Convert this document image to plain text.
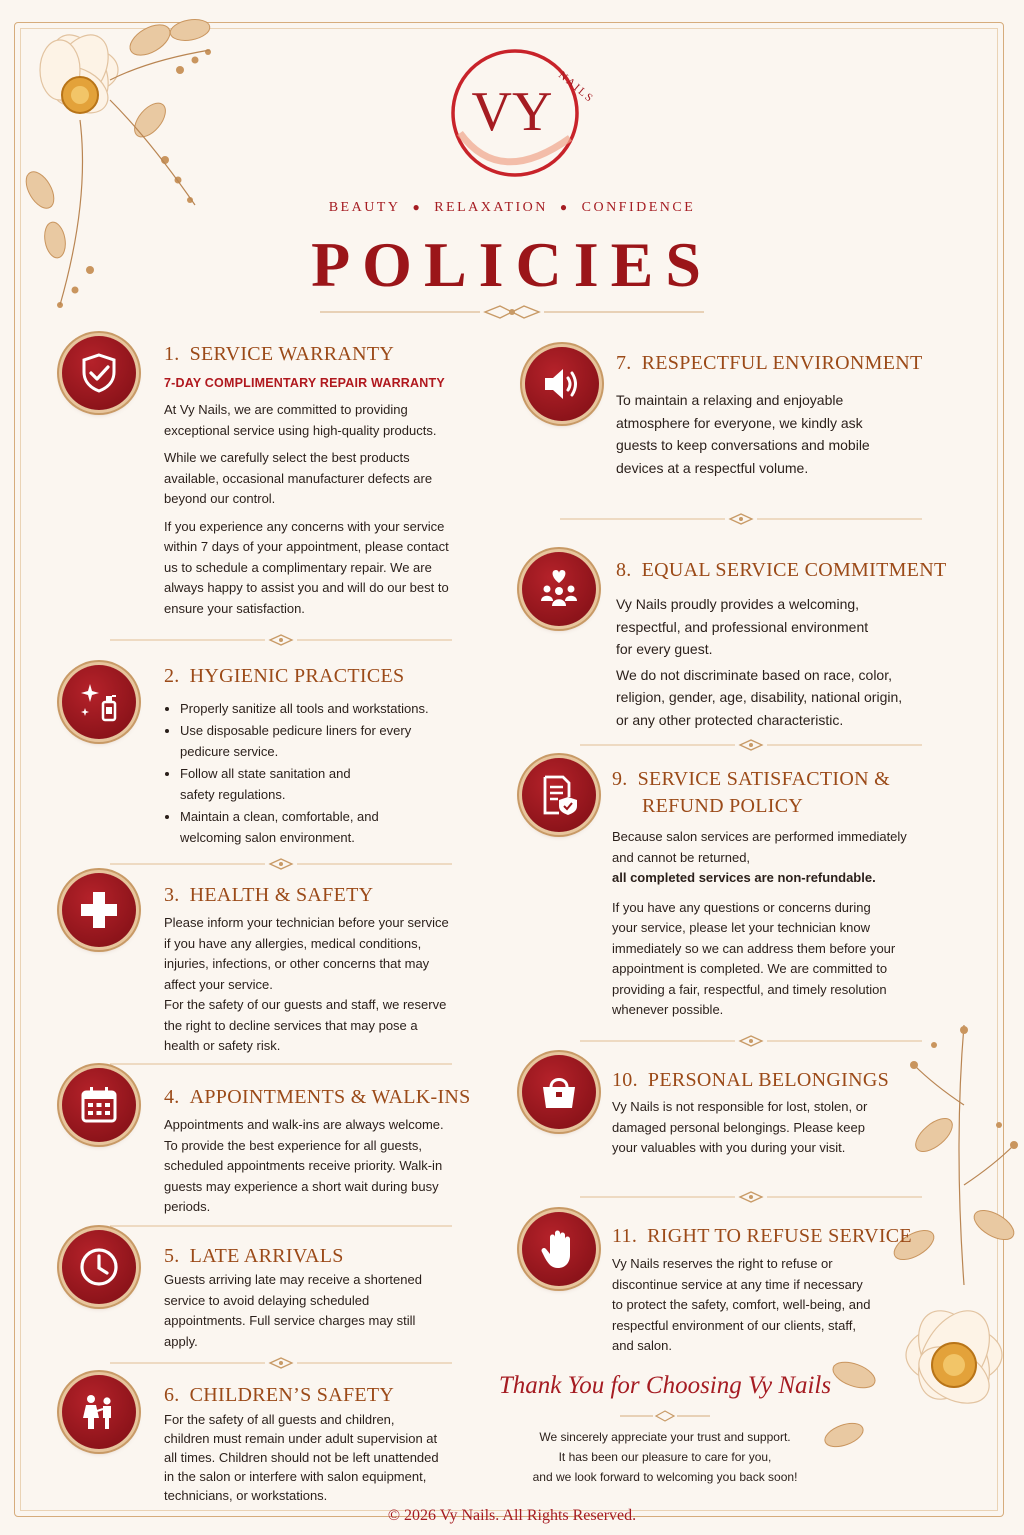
VY NAILS
BEAUTY ● RELAXATION ● CONFIDENCE
POLICIES
1. SERVICE WARRANTY
7-DAY COMPLIMENTARY REPAIR WARRANTY

At Vy Nails, we are committed to providing exceptional service using high-quality products.

While we carefully select the best products available, occasional manufacturer defects are beyond our control.

If you experience any concerns with your service within 7 days of your appointment, please contact us to schedule a complimentary repair. We are always happy to assist you and will do our best to ensure your satisfaction.

2. HYGIENIC PRACTICES
• Properly sanitize all tools and workstations.
• Use disposable pedicure liners for every pedicure service.
• Follow all state sanitation and safety regulations.
• Maintain a clean, comfortable, and welcoming salon environment.
3. HEALTH & SAFETY

Please inform your technician before your service if you have any allergies, medical conditions, injuries, infections, or other concerns that may affect your service.

For the safety of our guests and staff, we reserve the right to decline services that may pose a health or safety risk.

4. APPOINTMENTS & WALK-INS

Appointments and walk-ins are always welcome. To provide the best experience for all guests, scheduled appointments receive priority. Walk-in guests may experience a short wait during busy periods.

5. LATE ARRIVALS

Guests arriving late may receive a shortened service to avoid delaying scheduled appointments. Full service charges may still apply.

6. CHILDREN’S SAFETY

For the safety of all guests and children, children must remain under adult supervision at all times. Children should not be left unattended in the salon or interfere with salon equipment, technicians, or workstations.

7. RESPECTFUL ENVIRONMENT

To maintain a relaxing and enjoyable atmosphere for everyone, we kindly ask guests to keep conversations and mobile devices at a respectful volume.

8. EQUAL SERVICE COMMITMENT

Vy Nails proudly provides a welcoming, respectful, and professional environment for every guest.

We do not discriminate based on race, color, religion, gender, age, disability, national origin, or any other protected characteristic.

9. SERVICE SATISFACTION &
REFUND POLICY

Because salon services are performed immediately and cannot be returned,
all completed services are non-refundable.

If you have any questions or concerns during your service, please let your technician know immediately so we can address them before your appointment is completed. We are committed to providing a fair, respectful, and timely resolution whenever possible.

10. PERSONAL BELONGINGS

Vy Nails is not responsible for lost, stolen, or damaged personal belongings. Please keep your valuables with you during your visit.

11. RIGHT TO REFUSE SERVICE

Vy Nails reserves the right to refuse or discontinue service at any time if necessary to protect the safety, comfort, well-being, and respectful environment of our clients, staff, and salon.

Thank You for Choosing Vy Nails
We sincerely appreciate your trust and support.
It has been our pleasure to care for you,
and we look forward to welcoming you back soon!
© 2026 Vy Nails. All Rights Reserved.
